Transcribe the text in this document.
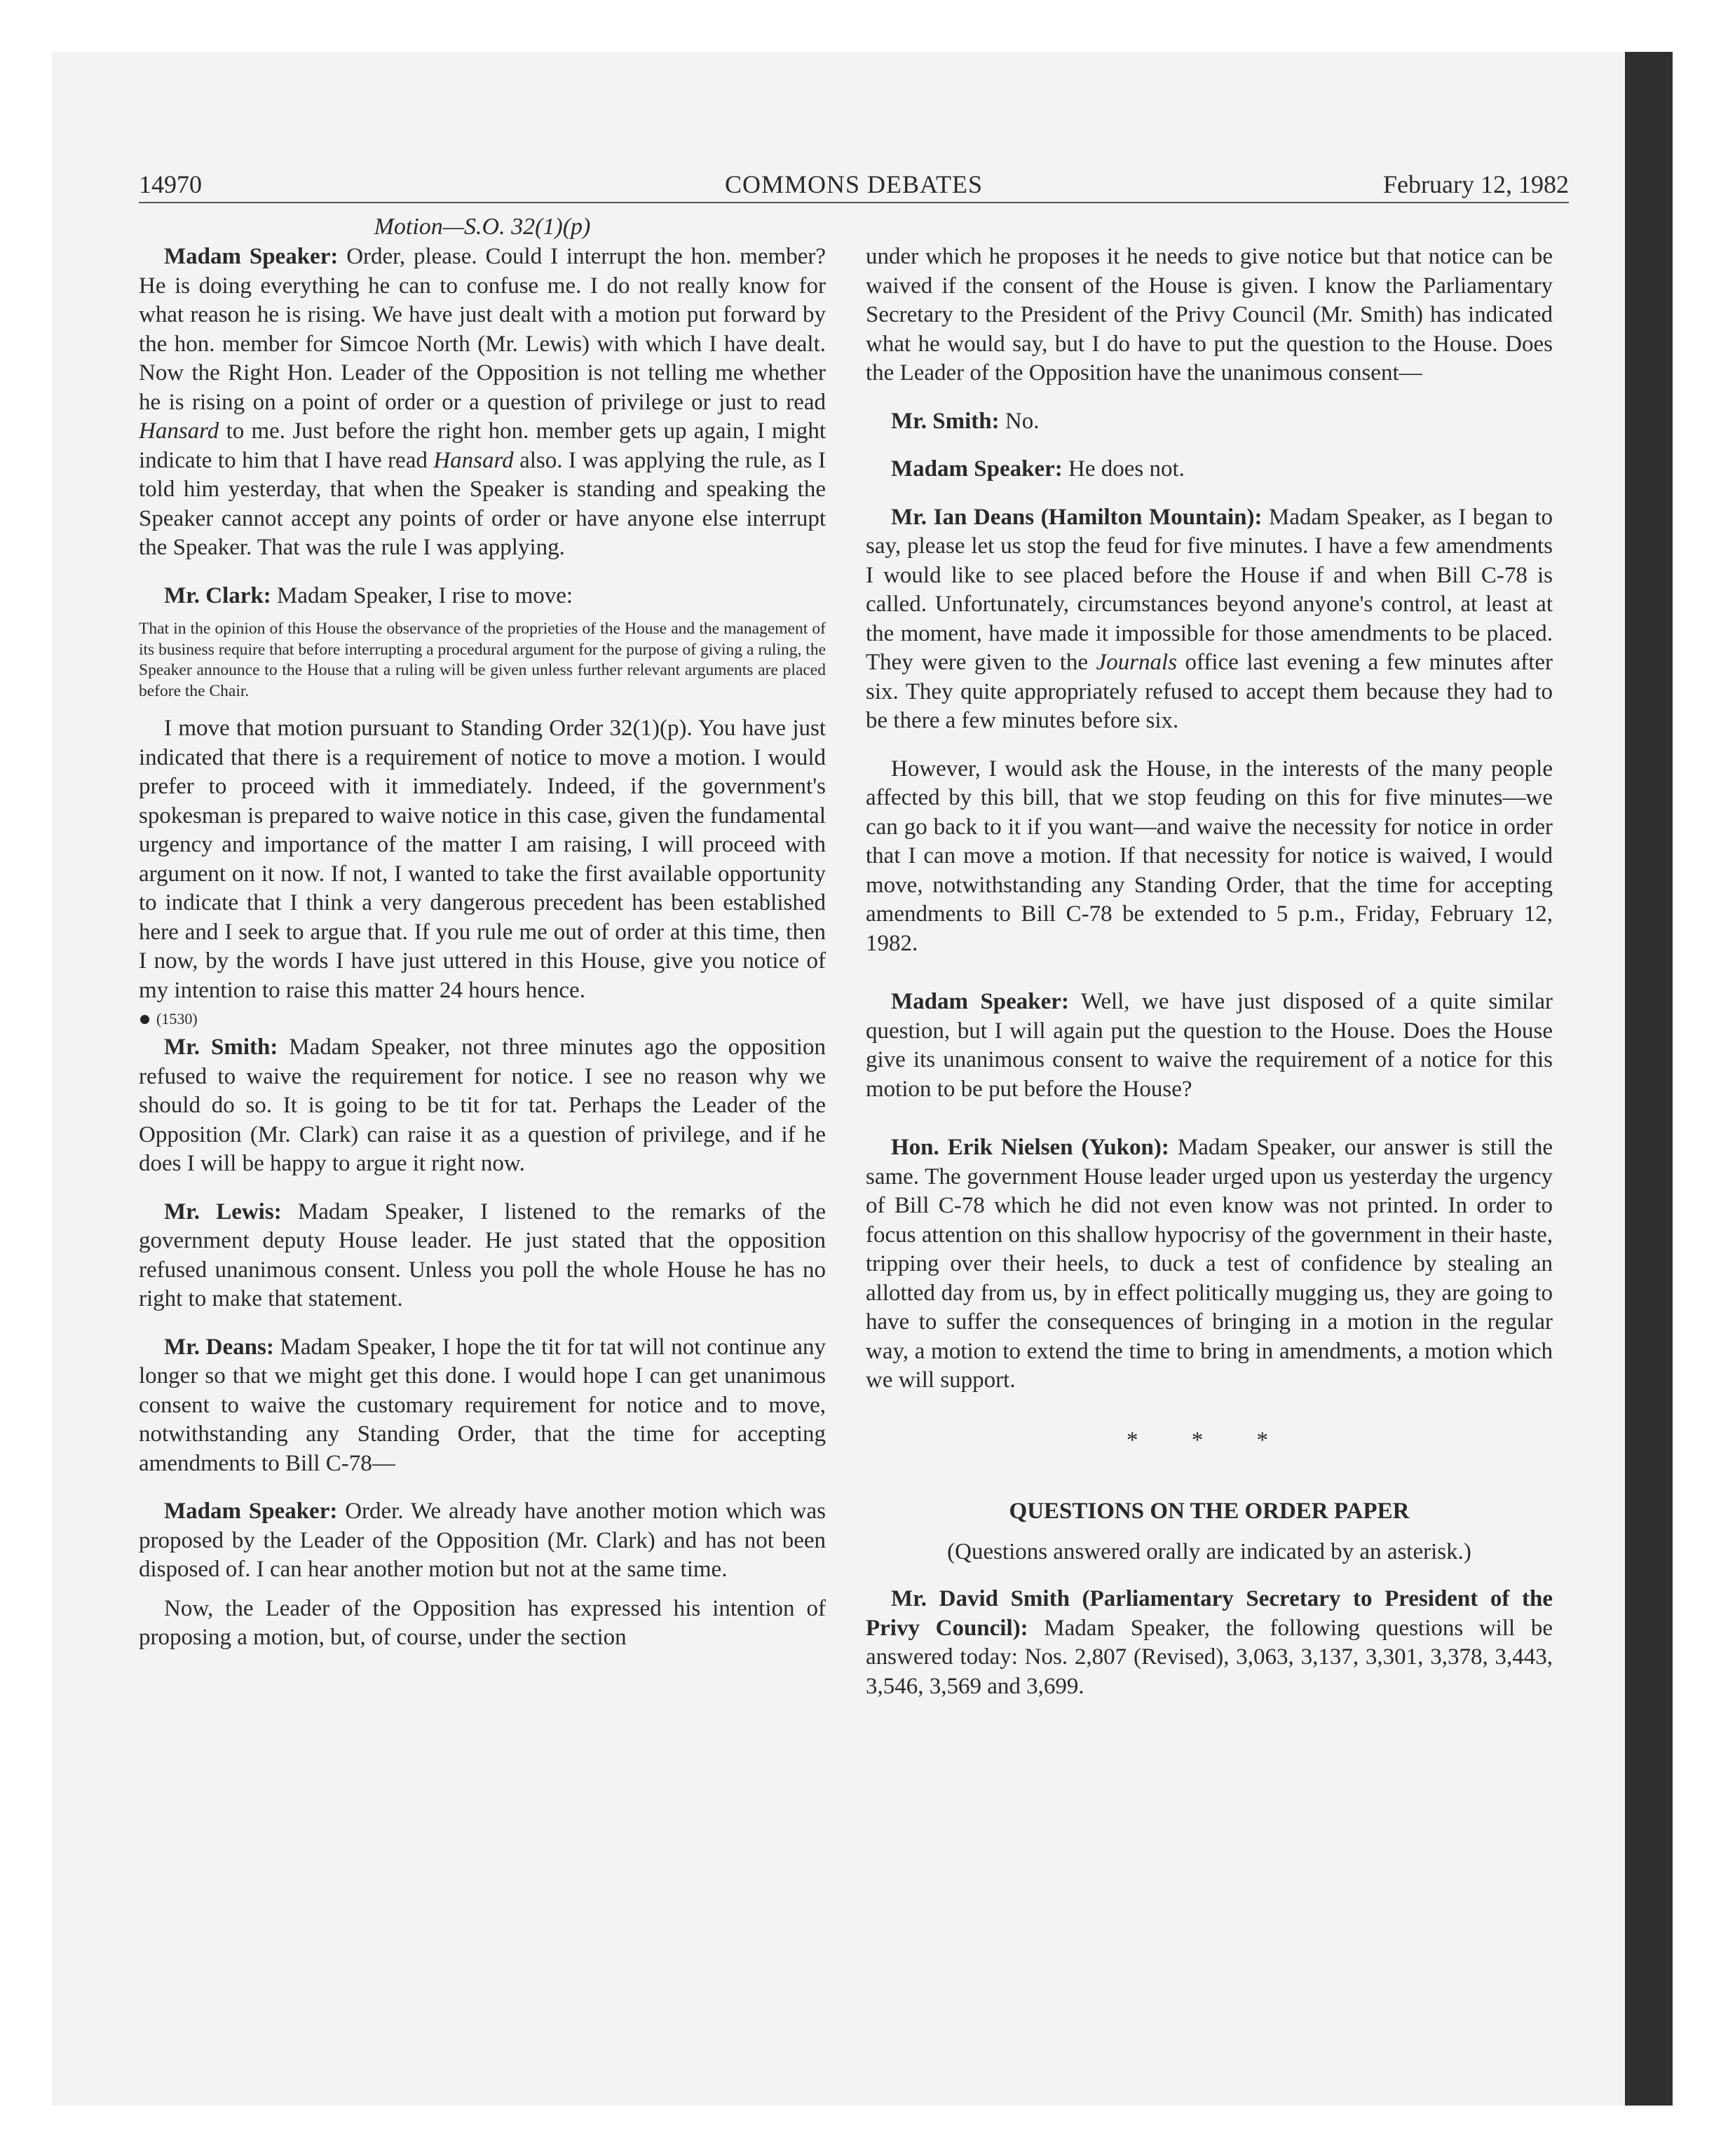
14970	COMMONS DEBATES	February 12, 1982
Motion—S.O. 32(1)(p)

Madam Speaker: Order, please. Could I interrupt the hon. member? He is doing everything he can to confuse me. I do not really know for what reason he is rising. We have just dealt with a motion put forward by the hon. member for Simcoe North (Mr. Lewis) with which I have dealt. Now the Right Hon. Leader of the Opposition is not telling me whether he is rising on a point of order or a question of privilege or just to read Hansard to me. Just before the right hon. member gets up again, I might indicate to him that I have read Hansard also. I was applying the rule, as I told him yesterday, that when the Speaker is standing and speaking the Speaker cannot accept any points of order or have anyone else interrupt the Speaker. That was the rule I was applying.

Mr. Clark: Madam Speaker, I rise to move:

That in the opinion of this House the observance of the proprieties of the House and the management of its business require that before interrupting a procedural argument for the purpose of giving a ruling, the Speaker announce to the House that a ruling will be given unless further relevant arguments are placed before the Chair.

I move that motion pursuant to Standing Order 32(1)(p). You have just indicated that there is a requirement of notice to move a motion. I would prefer to proceed with it immediately. Indeed, if the government's spokesman is prepared to waive notice in this case, given the fundamental urgency and importance of the matter I am raising, I will proceed with argument on it now. If not, I wanted to take the first available opportunity to indicate that I think a very dangerous precedent has been established here and I seek to argue that. If you rule me out of order at this time, then I now, by the words I have just uttered in this House, give you notice of my intention to raise this matter 24 hours hence.

(1530)

Mr. Smith: Madam Speaker, not three minutes ago the opposition refused to waive the requirement for notice. I see no reason why we should do so. It is going to be tit for tat. Perhaps the Leader of the Opposition (Mr. Clark) can raise it as a question of privilege, and if he does I will be happy to argue it right now.

Mr. Lewis: Madam Speaker, I listened to the remarks of the government deputy House leader. He just stated that the opposition refused unanimous consent. Unless you poll the whole House he has no right to make that statement.

Mr. Deans: Madam Speaker, I hope the tit for tat will not continue any longer so that we might get this done. I would hope I can get unanimous consent to waive the customary requirement for notice and to move, notwithstanding any Standing Order, that the time for accepting amendments to Bill C-78—

Madam Speaker: Order. We already have another motion which was proposed by the Leader of the Opposition (Mr. Clark) and has not been disposed of. I can hear another motion but not at the same time.

Now, the Leader of the Opposition has expressed his intention of proposing a motion, but, of course, under the section

under which he proposes it he needs to give notice but that notice can be waived if the consent of the House is given. I know the Parliamentary Secretary to the President of the Privy Council (Mr. Smith) has indicated what he would say, but I do have to put the question to the House. Does the Leader of the Opposition have the unanimous consent—

Mr. Smith: No.

Madam Speaker: He does not.

Mr. Ian Deans (Hamilton Mountain): Madam Speaker, as I began to say, please let us stop the feud for five minutes. I have a few amendments I would like to see placed before the House if and when Bill C-78 is called. Unfortunately, circumstances beyond anyone's control, at least at the moment, have made it impossible for those amendments to be placed. They were given to the Journals office last evening a few minutes after six. They quite appropriately refused to accept them because they had to be there a few minutes before six.

However, I would ask the House, in the interests of the many people affected by this bill, that we stop feuding on this for five minutes—we can go back to it if you want—and waive the necessity for notice in order that I can move a motion. If that necessity for notice is waived, I would move, notwithstanding any Standing Order, that the time for accepting amendments to Bill C-78 be extended to 5 p.m., Friday, February 12, 1982.

Madam Speaker: Well, we have just disposed of a quite similar question, but I will again put the question to the House. Does the House give its unanimous consent to waive the requirement of a notice for this motion to be put before the House?

Hon. Erik Nielsen (Yukon): Madam Speaker, our answer is still the same. The government House leader urged upon us yesterday the urgency of Bill C-78 which he did not even know was not printed. In order to focus attention on this shallow hypocrisy of the government in their haste, tripping over their heels, to duck a test of confidence by stealing an allotted day from us, by in effect politically mugging us, they are going to have to suffer the consequences of bringing in a motion in the regular way, a motion to extend the time to bring in amendments, a motion which we will support.

* * *

QUESTIONS ON THE ORDER PAPER

(Questions answered orally are indicated by an asterisk.)

Mr. David Smith (Parliamentary Secretary to President of the Privy Council): Madam Speaker, the following questions will be answered today: Nos. 2,807 (Revised), 3,063, 3,137, 3,301, 3,378, 3,443, 3,546, 3,569 and 3,699.
